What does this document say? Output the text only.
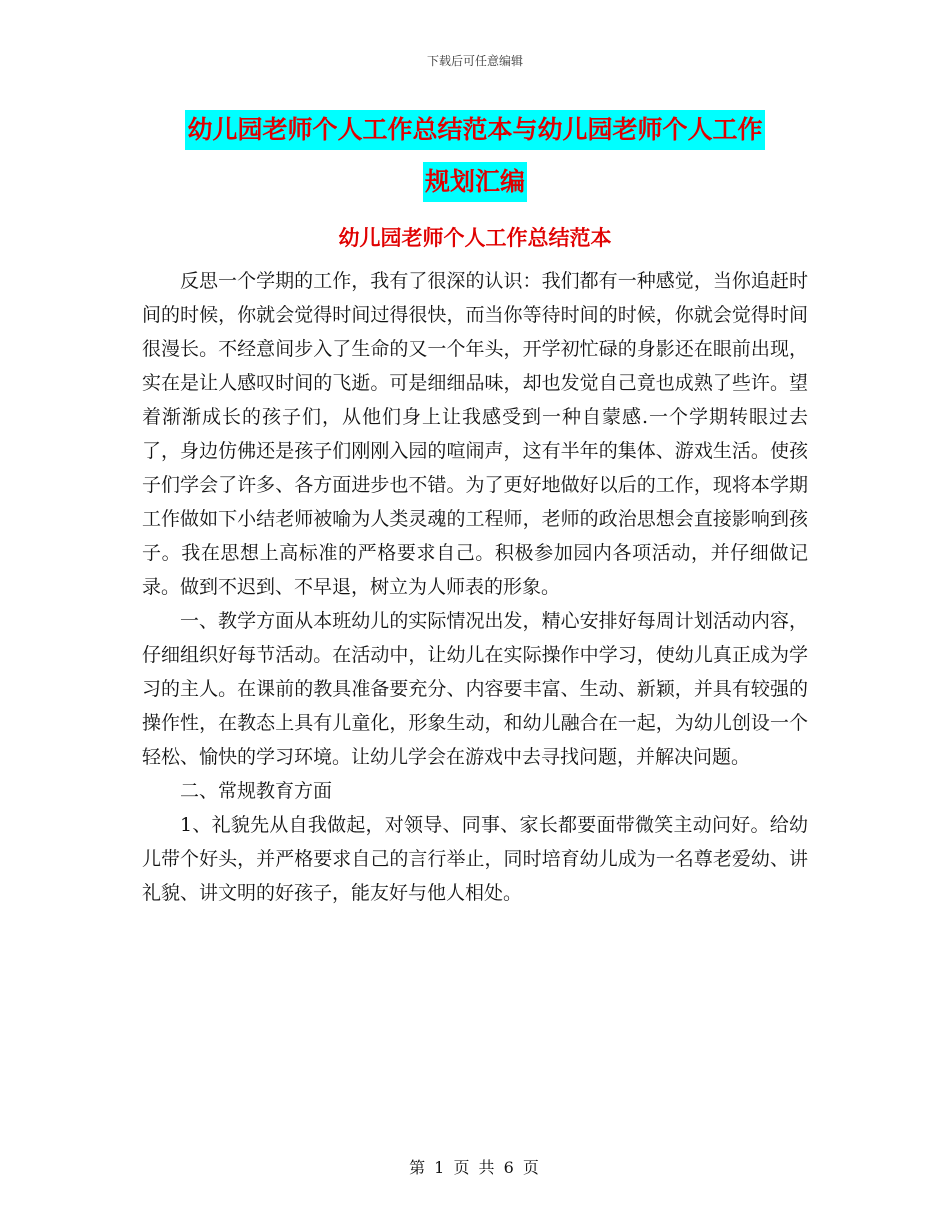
下载后可任意编辑
幼儿园老师个人工作总结范本与幼儿园老师个人工作
规划汇编
幼儿园老师个人工作总结范本

反思一个学期的工作，我有了很深的认识：我们都有一种感觉，当你追赶时间的时候，你就会觉得时间过得很快，而当你等待时间的时候，你就会觉得时间很漫长。不经意间步入了生命的又一个年头，开学初忙碌的身影还在眼前出现，实在是让人感叹时间的飞逝。可是细细品味，却也发觉自己竟也成熟了些许。望着渐渐成长的孩子们，从他们身上让我感受到一种自蒙感.一个学期转眼过去了，身边仿佛还是孩子们刚刚入园的喧闹声，这有半年的集体、游戏生活。使孩子们学会了许多、各方面进步也不错。为了更好地做好以后的工作，现将本学期工作做如下小结老师被喻为人类灵魂的工程师，老师的政治思想会直接影响到孩子。我在思想上高标准的严格要求自己。积极参加园内各项活动，并仔细做记录。做到不迟到、不早退，树立为人师表的形象。

一、教学方面从本班幼儿的实际情况出发，精心安排好每周计划活动内容，仔细组织好每节活动。在活动中，让幼儿在实际操作中学习，使幼儿真正成为学习的主人。在课前的教具准备要充分、内容要丰富、生动、新颖，并具有较强的操作性，在教态上具有儿童化，形象生动，和幼儿融合在一起，为幼儿创设一个轻松、愉快的学习环境。让幼儿学会在游戏中去寻找问题，并解决问题。

二、常规教育方面

1、礼貌先从自我做起，对领导、同事、家长都要面带微笑主动问好。给幼儿带个好头，并严格要求自己的言行举止，同时培育幼儿成为一名尊老爱幼、讲礼貌、讲文明的好孩子，能友好与他人相处。

第 1 页 共 6 页
